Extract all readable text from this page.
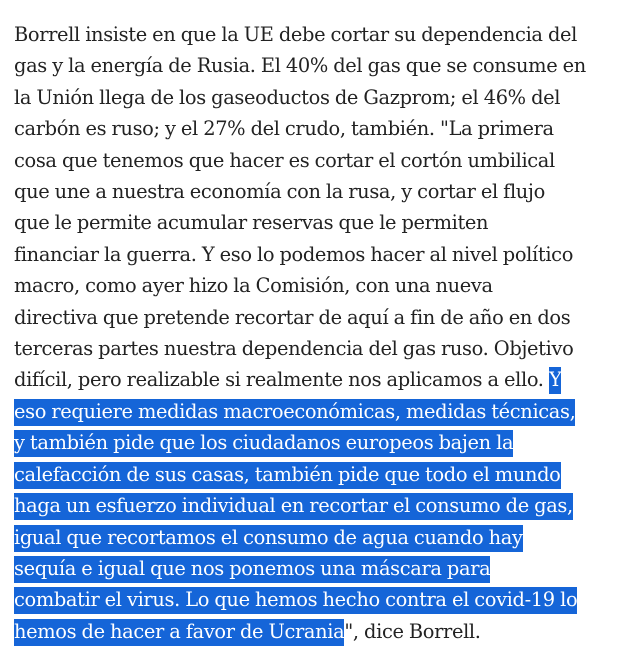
Borrell insiste en que la UE debe cortar su dependencia del
gas y la energía de Rusia. El 40% del gas que se consume en
la Unión llega de los gaseoductos de Gazprom; el 46% del
carbón es ruso; y el 27% del crudo, también. "La primera
cosa que tenemos que hacer es cortar el cortón umbilical
que une a nuestra economía con la rusa, y cortar el flujo
que le permite acumular reservas que le permiten
financiar la guerra. Y eso lo podemos hacer al nivel político
macro, como ayer hizo la Comisión, con una nueva
directiva que pretende recortar de aquí a fin de año en dos
terceras partes nuestra dependencia del gas ruso. Objetivo
difícil, pero realizable si realmente nos aplicamos a ello. Y
eso requiere medidas macroeconómicas, medidas técnicas,
y también pide que los ciudadanos europeos bajen la
calefacción de sus casas, también pide que todo el mundo
haga un esfuerzo individual en recortar el consumo de gas,
igual que recortamos el consumo de agua cuando hay
sequía e igual que nos ponemos una máscara para
combatir el virus. Lo que hemos hecho contra el covid-19 lo
hemos de hacer a favor de Ucrania", dice Borrell.
